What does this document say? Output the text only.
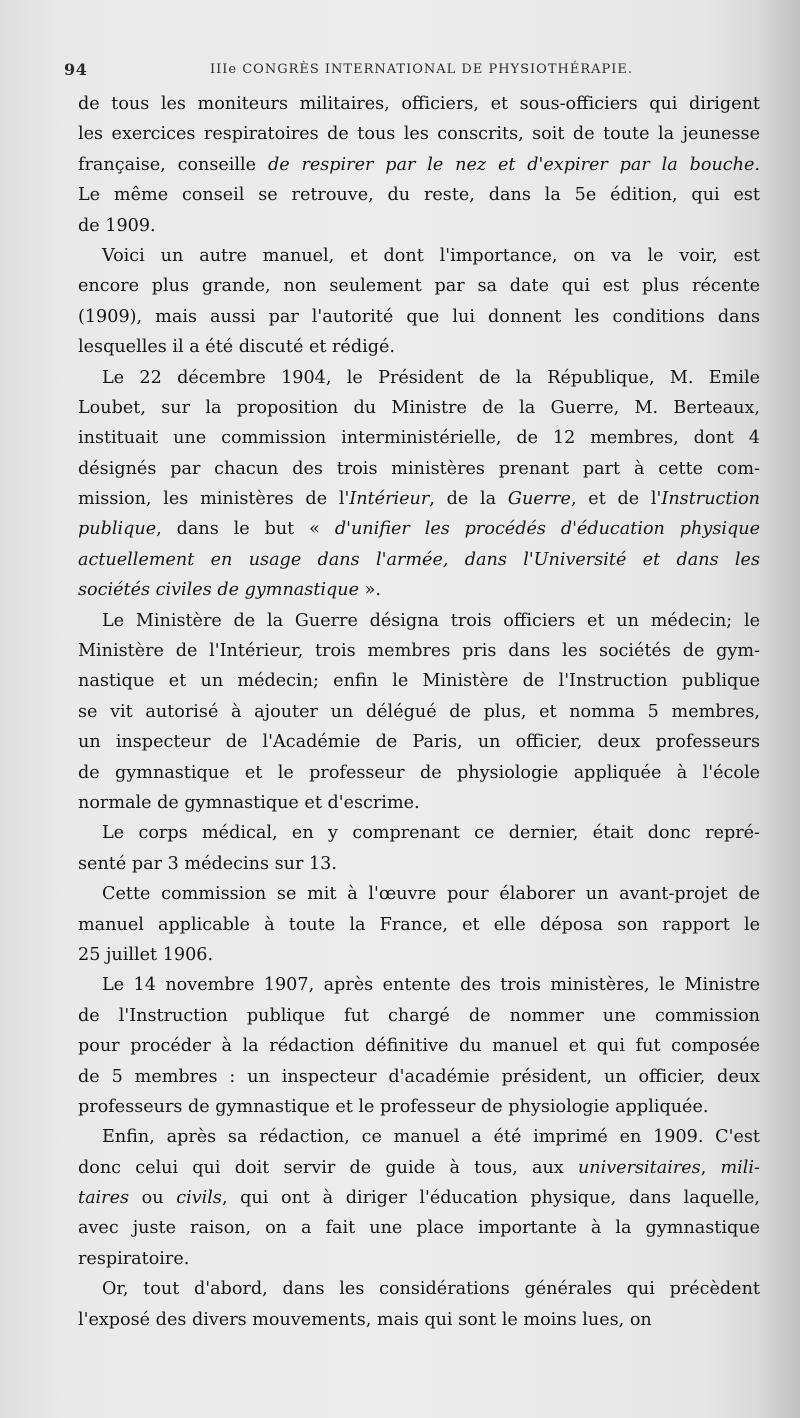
94	IIIe CONGRÈS INTERNATIONAL DE PHYSIOTHÉRAPIE.
de tous les moniteurs militaires, officiers, et sous-officiers qui dirigent
les exercices respiratoires de tous les conscrits, soit de toute la jeunesse
française, conseille de respirer par le nez et d'expirer par la bouche.
Le même conseil se retrouve, du reste, dans la 5e édition, qui est
de 1909.
Voici un autre manuel, et dont l'importance, on va le voir, est
encore plus grande, non seulement par sa date qui est plus récente
(1909), mais aussi par l'autorité que lui donnent les conditions dans
lesquelles il a été discuté et rédigé.
Le 22 décembre 1904, le Président de la République, M. Emile
Loubet, sur la proposition du Ministre de la Guerre, M. Berteaux,
instituait une commission interministérielle, de 12 membres, dont 4
désignés par chacun des trois ministères prenant part à cette com-
mission, les ministères de l'Intérieur, de la Guerre, et de l'Instruction
publique, dans le but « d'unifier les procédés d'éducation physique
actuellement en usage dans l'armée, dans l'Université et dans les
sociétés civiles de gymnastique ».
Le Ministère de la Guerre désigna trois officiers et un médecin; le
Ministère de l'Intérieur, trois membres pris dans les sociétés de gym-
nastique et un médecin; enfin le Ministère de l'Instruction publique
se vit autorisé à ajouter un délégué de plus, et nomma 5 membres,
un inspecteur de l'Académie de Paris, un officier, deux professeurs
de gymnastique et le professeur de physiologie appliquée à l'école
normale de gymnastique et d'escrime.
Le corps médical, en y comprenant ce dernier, était donc repré-
senté par 3 médecins sur 13.
Cette commission se mit à l'œuvre pour élaborer un avant-projet de
manuel applicable à toute la France, et elle déposa son rapport le
25 juillet 1906.
Le 14 novembre 1907, après entente des trois ministères, le Ministre
de l'Instruction publique fut chargé de nommer une commission
pour procéder à la rédaction définitive du manuel et qui fut composée
de 5 membres : un inspecteur d'académie président, un officier, deux
professeurs de gymnastique et le professeur de physiologie appliquée.
Enfin, après sa rédaction, ce manuel a été imprimé en 1909. C'est
donc celui qui doit servir de guide à tous, aux universitaires, mili-
taires ou civils, qui ont à diriger l'éducation physique, dans laquelle,
avec juste raison, on a fait une place importante à la gymnastique
respiratoire.
Or, tout d'abord, dans les considérations générales qui précèdent
l'exposé des divers mouvements, mais qui sont le moins lues, on
